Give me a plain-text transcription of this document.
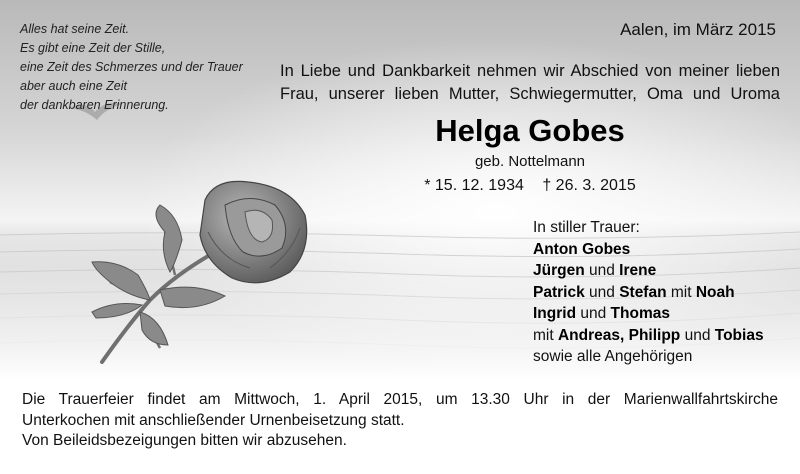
Alles hat seine Zeit.
Es gibt eine Zeit der Stille,
eine Zeit des Schmerzes und der Trauer
aber auch eine Zeit
der dankbaren Erinnerung.
Aalen, im März 2015
In Liebe und Dankbarkeit nehmen wir Abschied von meiner lieben
Frau, unserer lieben Mutter, Schwiegermutter, Oma und Uroma
Helga Gobes
geb. Nottelmann
* 15. 12. 1934 † 26. 3. 2015
In stiller Trauer:
Anton Gobes
Jürgen und Irene
Patrick und Stefan mit Noah
Ingrid und Thomas
mit Andreas, Philipp und Tobias
sowie alle Angehörigen
Die Trauerfeier findet am Mittwoch, 1. April 2015, um 13.30 Uhr in der Marienwallfahrtskirche
Unterkochen mit anschließender Urnenbeisetzung statt.
Von Beileidsbezeigungen bitten wir abzusehen.
